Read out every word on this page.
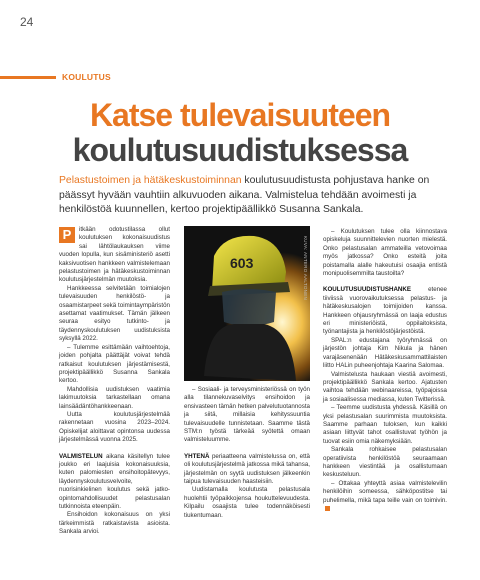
24
KOULUTUS
Katse tulevaisuuteen
koulutusuudistuksessa

Pelastustoimen ja hätäkeskustoiminnan koulutusuudistusta pohjustava hanke on päässyt hyvään vauhtiin alkuvuoden aikana. Valmistelua tehdään avoimesti ja henkilöstöä kuunnellen, kertoo projektipäällikkö Susanna Sankala.

P	itkään odotustilassa ollut koulutuksen kokonaisuudistus sai lähtölaukauksen viime vuoden lopulla, kun sisäministeriö asetti kaksivuotisen hankkeen valmistelemaan pelastustoimen ja hätäkeskustoiminnan koulutusjärjestelmän muutoksia.

Hankkeessa selvitetään toimialojen tulevaisuuden henkilöstö- ja osaamistarpeet sekä toimintaympäristön asettamat vaatimukset. Tämän jälkeen seuraa esityo tutkinto- ja täydennyskoulutuksen uudistuksista syksyllä 2022.

– Tulemme esittämään vaihtoehtoja, joiden pohjalta päättäjät voivat tehdä ratkaisut koulutuksen järjestämisestä, projektipäällikkö Susanna Sankala kertoo.

Mahdollisia uudistuksen vaatimia lakimuutoksia tarkastellaan omana lainsäädäntöhankkeenaan.

Uutta koulutusjärjestelmää rakennetaan vuosina 2023–2024. Opiskelijat aloittavat opintonsa uudessa järjestelmässä vuonna 2025.

VALMISTELUN aikana käsitellyn tulee joukko eri laajuisia kokonaisuuksia, kuten palomiesten ensihoitopätevyys, läydennyskoulutusvelvoite, nuorisinkielinen koulutus sekä jatko-opintomahdollisuudet pelastusalan tutkinnoista eteenpäin.

Ensihoidon kokonaisuus on yksi tärkeimmistä ratkaistavista asioista. Sankala arvioi.

603	KUVA: ANTERO AALTONEN

– Sosiaali- ja terveysministeriössä on työn alla tilannekuvaselvitys ensihoidon ja ensivasteen tämän hetken palvelutuotannosta ja siitä, millaisia kehityssuuntia tulevaisuudelle tunnistetaan. Saamme tästä STM:n työstä tärkeää syötettä omaan valmisteluumme.

YHTENÄ periaatteena valmistelussa on, että oli koulutusjärjestelmä jatkossa mikä tahansa, järjestelmän on syytä uudistuksen jälkeenkin taipua tulevaisuuden haasteisiin.

Uudistamalla koulutusta pelastusala huolehtii työpaikkojensa houkuttelevuudesta. Kilpailu osaajista tulee todennäköisesti tiukentumaan.

– Koulutuksen tulee olla kiinnostava opiskeluja suunnittelevien nuorten mielestä. Onko pelastusalan ammateilla vetovoimaa myös jatkossa? Onko esteitä joita poistamalla alalle hakeutuisi osaajia entistä monipuolisemmilta taustoilta?

KOULUTUSUUDISTUSHANKE etenee tiiviissä vuorovaikutuksessa pelastus- ja hätäkeskusalojen toimijoiden kanssa. Hankkeen ohjausryhmässä on laaja edustus eri ministeriöistä, oppilaitoksista, työnantajista ja henkilöstöjärjestöistä.

SPAL:n edustajana työryhmässä on järjestön johtaja Kim Nikula ja hänen varajäsenenään Hätäkeskusammattilaisten liitto HALin puheenjohtaja Kaarina Salomaa.

Valmistelusta haukaan viestiä avoimesti, projektipäällikkö Sankala kertoo. Ajatusten vaihtoa tehdään webinaareissa, työpajoissa ja sosiaalisessa mediassa, kuten Twitterissä.

– Teemme uudistusta yhdessä. Käsillä on yksi pelastusalan suurimmista muutoksista. Saamme parhaan tuloksen, kun kaikki asiaan liittyvät tahot osallistuvat työhön ja tuovat esiin omia näkemyksiään.

Sankala rohkaisee pelastusalan operatiivista henkilöstöä seuraamaan hankkeen viestintää ja osallistumaan keskusteluun.

– Ottakaa yhteyttä asiaa valmistelevilin henkilöihin someessa, sähköpostitse tai puhelimella, mikä tapa teille vain on toimivin.
